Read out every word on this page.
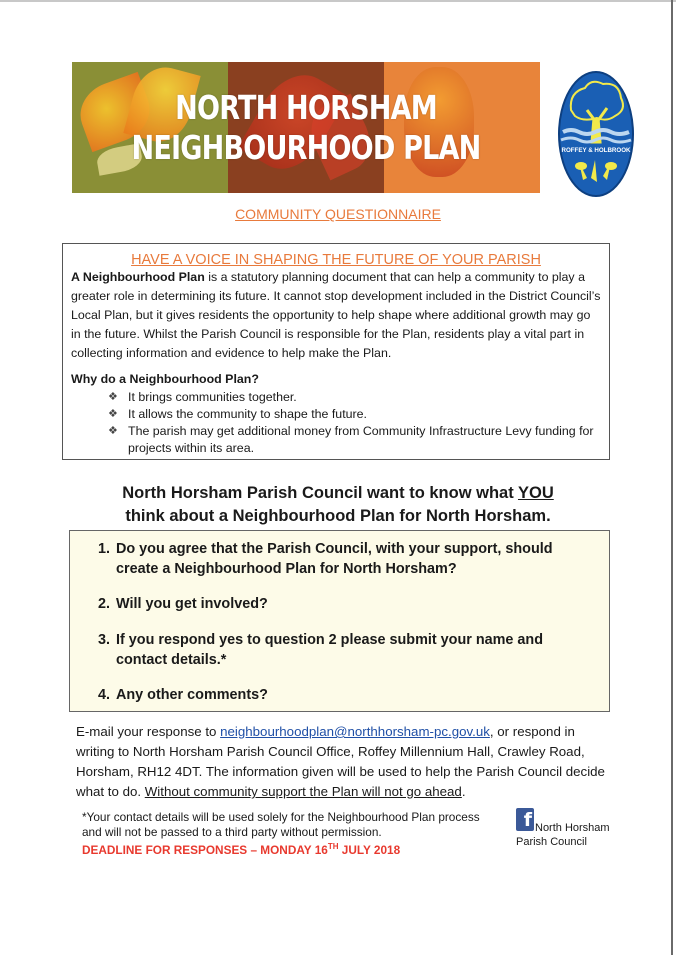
NORTH HORSHAM
NEIGHBOURHOOD PLAN	ROFFEY & HOLBROOK
COMMUNITY QUESTIONNAIRE
HAVE A VOICE IN SHAPING THE FUTURE OF YOUR PARISH
A Neighbourhood Plan is a statutory planning document that can help a community to play a greater role in determining its future. It cannot stop development included in the District Council’s Local Plan, but it gives residents the opportunity to help shape where additional growth may go in the future. Whilst the Parish Council is responsible for the Plan, residents play a vital part in collecting information and evidence to help make the Plan.
Why do a Neighbourhood Plan?
❖ It brings communities together.
❖ It allows the community to shape the future.
❖ The parish may get additional money from Community Infrastructure Levy funding for projects within its area.
North Horsham Parish Council want to know what YOU
think about a Neighbourhood Plan for North Horsham.
1. Do you agree that the Parish Council, with your support, should create a Neighbourhood Plan for North Horsham?
2. Will you get involved?
3. If you respond yes to question 2 please submit your name and contact details.*
4. Any other comments?
E-mail your response to neighbourhoodplan@northhorsham-pc.gov.uk, or respond in writing to North Horsham Parish Council Office, Roffey Millennium Hall, Crawley Road, Horsham, RH12 4DT. The information given will be used to help the Parish Council decide what to do. Without community support the Plan will not go ahead.
*Your contact details will be used solely for the Neighbourhood Plan process and will not be passed to a third party without permission.
DEADLINE FOR RESPONSES – MONDAY 16TH JULY 2018
f North Horsham
Parish Council
